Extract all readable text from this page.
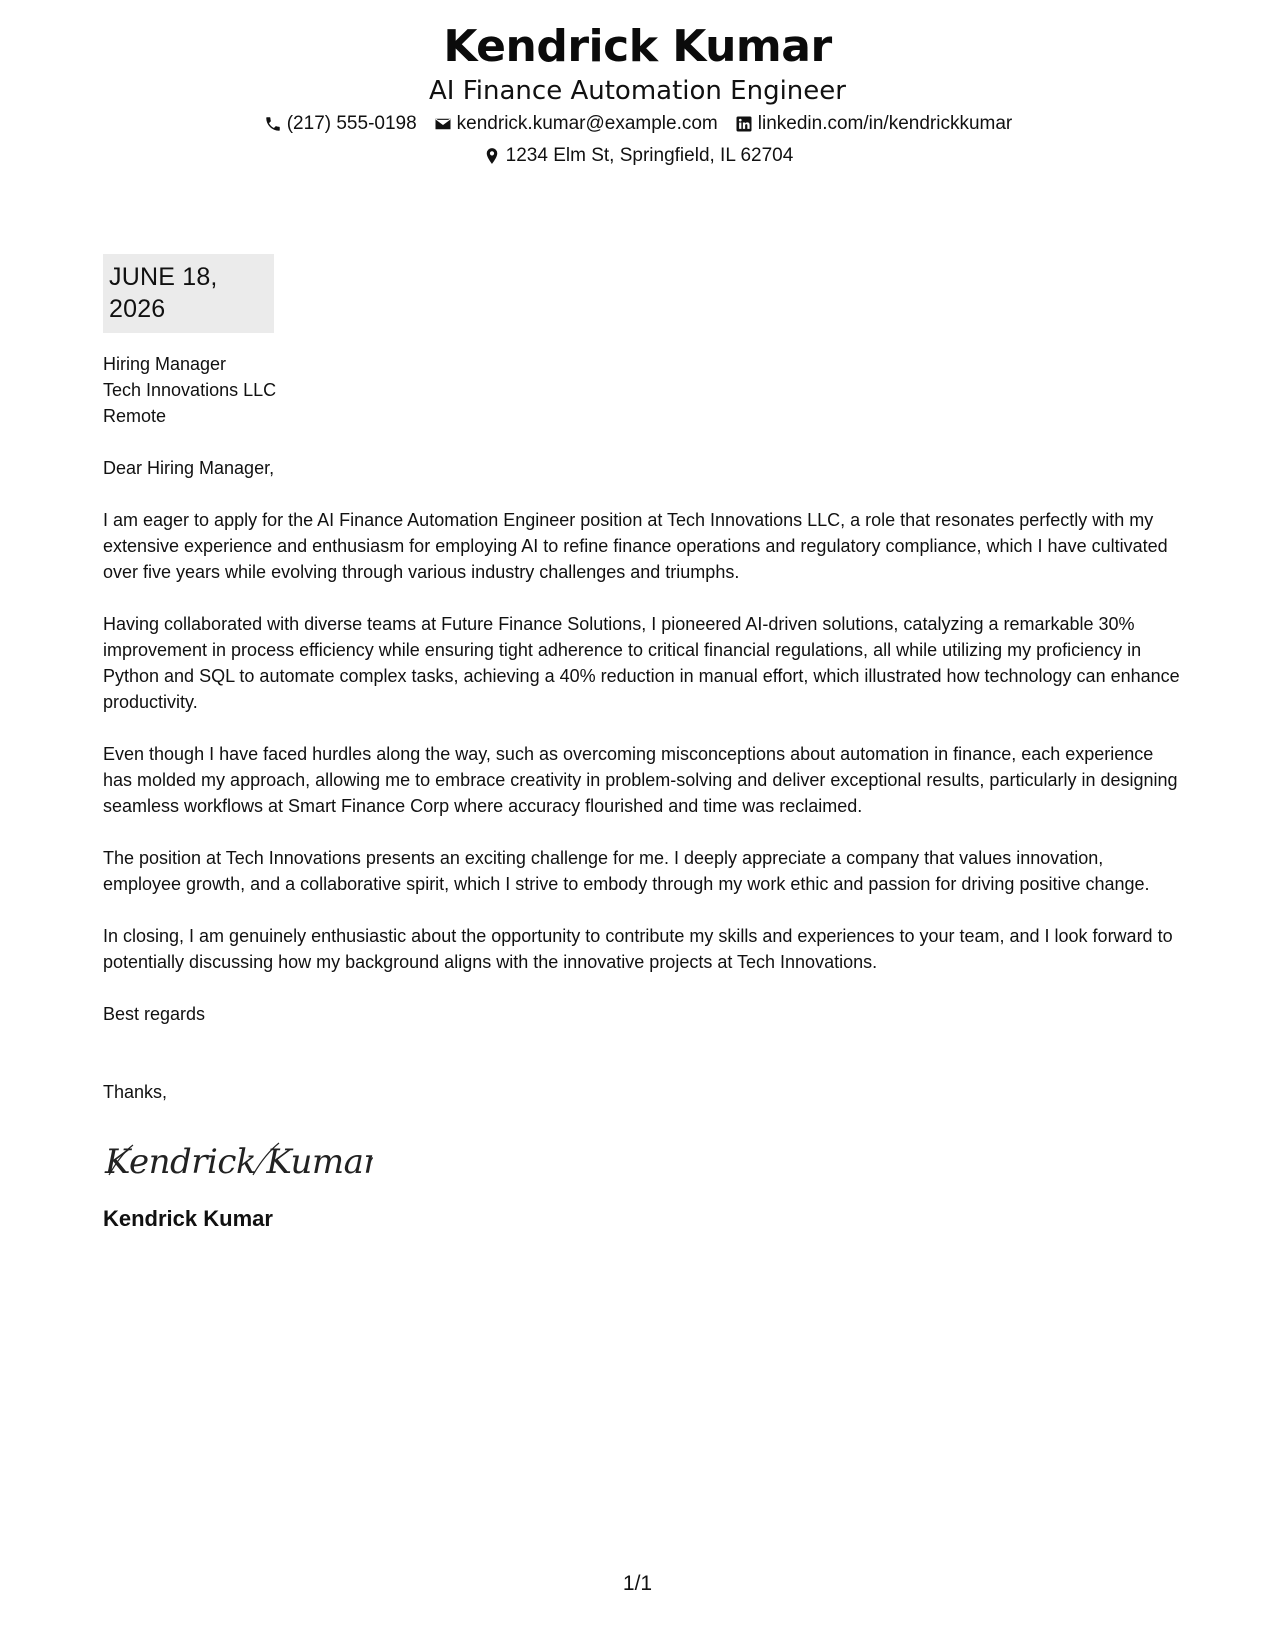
Kendrick Kumar
AI Finance Automation Engineer
(217) 555-0198 kendrick.kumar@example.com linkedin.com/in/kendrickkumar
1234 Elm St, Springfield, IL 62704
JUNE 18, 2026
Hiring Manager
Tech Innovations LLC
Remote
Dear Hiring Manager,
I am eager to apply for the AI Finance Automation Engineer position at Tech Innovations LLC, a role that resonates perfectly with my extensive experience and enthusiasm for employing AI to refine finance operations and regulatory compliance, which I have cultivated over five years while evolving through various industry challenges and triumphs.
Having collaborated with diverse teams at Future Finance Solutions, I pioneered AI-driven solutions, catalyzing a remarkable 30% improvement in process efficiency while ensuring tight adherence to critical financial regulations, all while utilizing my proficiency in Python and SQL to automate complex tasks, achieving a 40% reduction in manual effort, which illustrated how technology can enhance productivity.
Even though I have faced hurdles along the way, such as overcoming misconceptions about automation in finance, each experience has molded my approach, allowing me to embrace creativity in problem-solving and deliver exceptional results, particularly in designing seamless workflows at Smart Finance Corp where accuracy flourished and time was reclaimed.
The position at Tech Innovations presents an exciting challenge for me. I deeply appreciate a company that values innovation, employee growth, and a collaborative spirit, which I strive to embody through my work ethic and passion for driving positive change.
In closing, I am genuinely enthusiastic about the opportunity to contribute my skills and experiences to your team, and I look forward to potentially discussing how my background aligns with the innovative projects at Tech Innovations.
Best regards
Thanks,
Kendrick Kumar
Kendrick Kumar
1/1
